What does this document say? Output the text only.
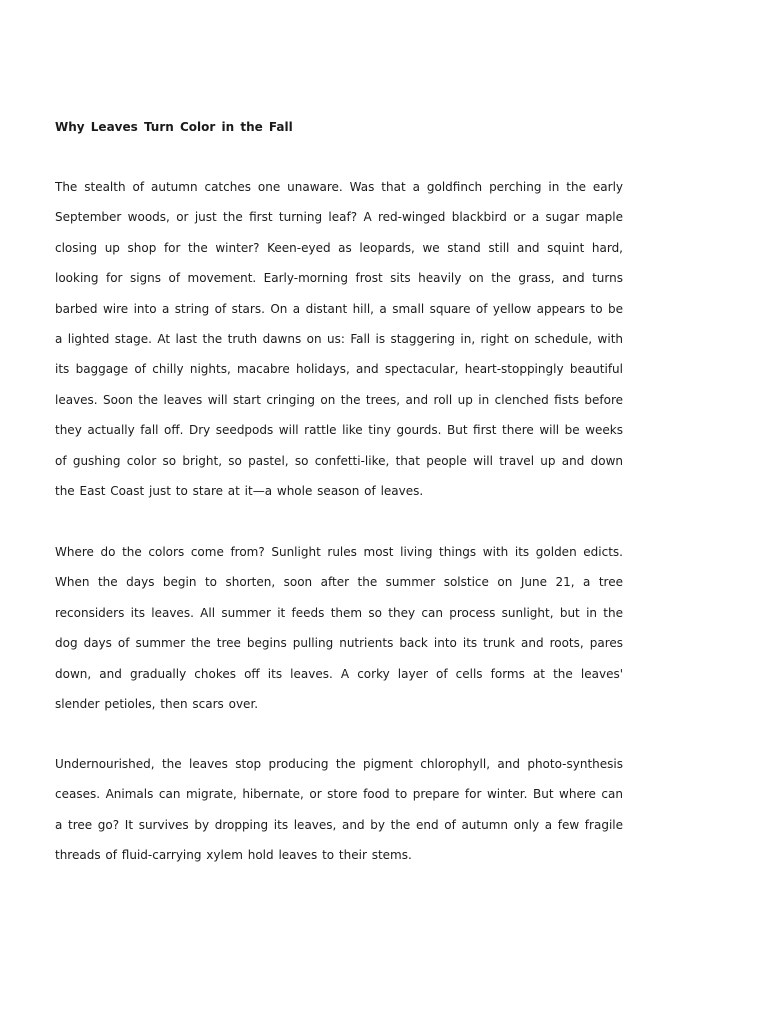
Why Leaves Turn Color in the Fall

The stealth of autumn catches one unaware. Was that a goldfinch perching in the early September woods, or just the first turning leaf? A red-winged blackbird or a sugar maple closing up shop for the winter? Keen-eyed as leopards, we stand still and squint hard, looking for signs of movement. Early-morning frost sits heavily on the grass, and turns barbed wire into a string of stars. On a distant hill, a small square of yellow appears to be a lighted stage. At last the truth dawns on us: Fall is staggering in, right on schedule, with its baggage of chilly nights, macabre holidays, and spectacular, heart-stoppingly beautiful leaves. Soon the leaves will start cringing on the trees, and roll up in clenched fists before they actually fall off. Dry seedpods will rattle like tiny gourds. But first there will be weeks of gushing color so bright, so pastel, so confetti-like, that people will travel up and down the East Coast just to stare at it—a whole season of leaves.

Where do the colors come from? Sunlight rules most living things with its golden edicts. When the days begin to shorten, soon after the summer solstice on June 21, a tree reconsiders its leaves. All summer it feeds them so they can process sunlight, but in the dog days of summer the tree begins pulling nutrients back into its trunk and roots, pares down, and gradually chokes off its leaves. A corky layer of cells forms at the leaves' slender petioles, then scars over.

Undernourished, the leaves stop producing the pigment chlorophyll, and photo-synthesis ceases. Animals can migrate, hibernate, or store food to prepare for winter. But where can a tree go? It survives by dropping its leaves, and by the end of autumn only a few fragile threads of fluid-carrying xylem hold leaves to their stems.
